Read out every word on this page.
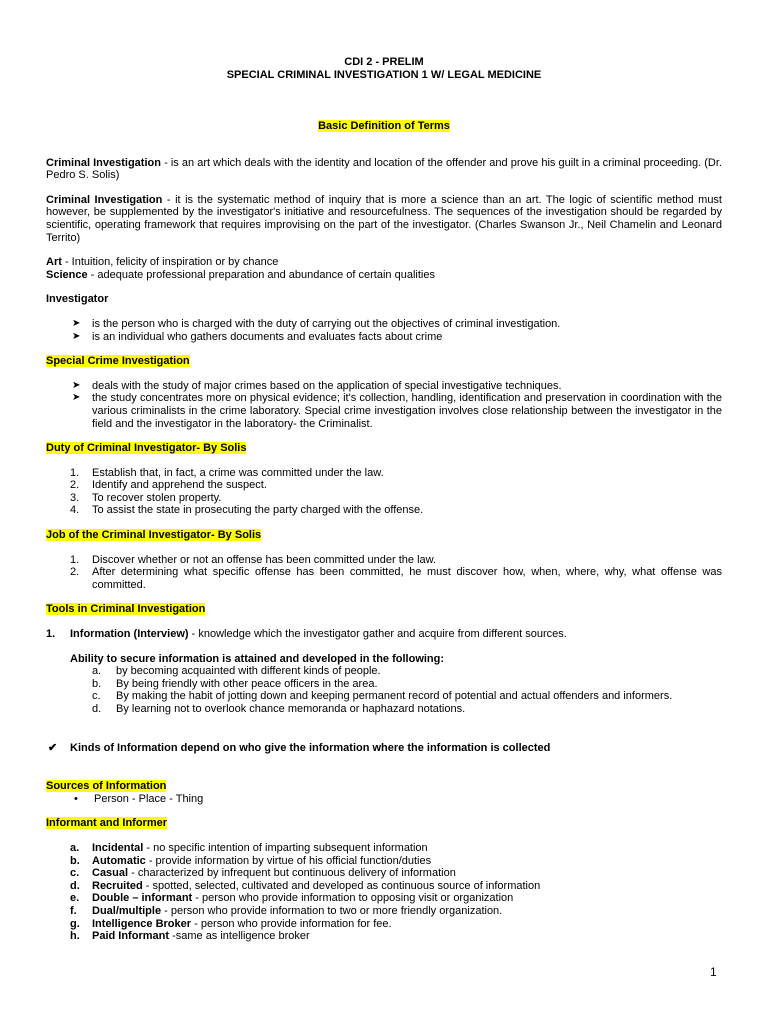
CDI 2 - PRELIM
SPECIAL CRIMINAL INVESTIGATION 1 W/ LEGAL MEDICINE
Basic Definition of Terms

Criminal Investigation - is an art which deals with the identity and location of the offender and prove his guilt in a criminal proceeding. (Dr. Pedro S. Solis)

Criminal Investigation - it is the systematic method of inquiry that is more a science than an art. The logic of scientific method must however, be supplemented by the investigator's initiative and resourcefulness. The sequences of the investigation should be regarded by scientific, operating framework that requires improvising on the part of the investigator. (Charles Swanson Jr., Neil Chamelin and Leonard Territo)

Art - Intuition, felicity of inspiration or by chance

Science - adequate professional preparation and abundance of certain qualities

Investigator

➤ is the person who is charged with the duty of carrying out the objectives of criminal investigation.
➤ is an individual who gathers documents and evaluates facts about crime

Special Crime Investigation

➤ deals with the study of major crimes based on the application of special investigative techniques.
➤ the study concentrates more on physical evidence; it's collection, handling, identification and preservation in coordination with the various criminalists in the crime laboratory. Special crime investigation involves close relationship between the investigator in the field and the investigator in the laboratory- the Criminalist.

Duty of Criminal Investigator- By Solis

1. Establish that, in fact, a crime was committed under the law.
2. Identify and apprehend the suspect.
3. To recover stolen property.
4. To assist the state in prosecuting the party charged with the offense.

Job of the Criminal Investigator- By Solis

1. Discover whether or not an offense has been committed under the law.
2. After determining what specific offense has been committed, he must discover how, when, where, why, what offense was committed.

Tools in Criminal Investigation

1. Information (Interview) - knowledge which the investigator gather and acquire from different sources.
Ability to secure information is attained and developed in the following:
a. by becoming acquainted with different kinds of people.
b. By being friendly with other peace officers in the area.
c. By making the habit of jotting down and keeping permanent record of potential and actual offenders and informers.
d. By learning not to overlook chance memoranda or haphazard notations.
✔ Kinds of Information depend on who give the information where the information is collected

Sources of Information

• Person - Place - Thing

Informant and Informer

a. Incidental - no specific intention of imparting subsequent information
b. Automatic - provide information by virtue of his official function/duties
c. Casual - characterized by infrequent but continuous delivery of information
d. Recruited - spotted, selected, cultivated and developed as continuous source of information
e. Double – informant - person who provide information to opposing visit or organization
f. Dual/multiple - person who provide information to two or more friendly organization.
g. Intelligence Broker - person who provide information for fee.
h. Paid Informant -same as intelligence broker
1
